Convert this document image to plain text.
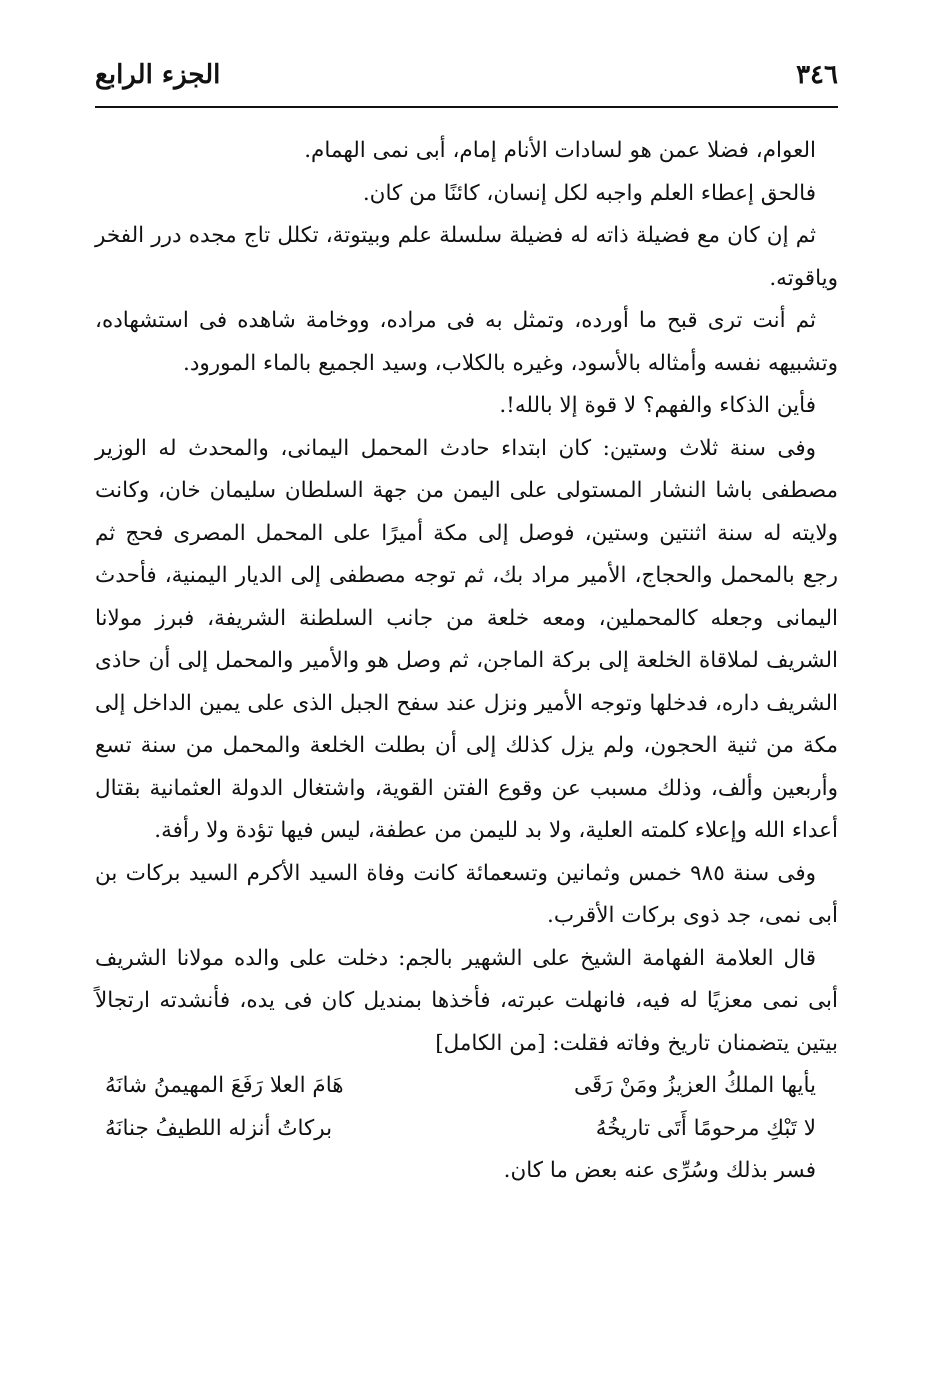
الجزء الرابع	٣٤٦

العوام، فضلا عمن هو لسادات الأنام إمام، أبى نمى الهمام.

فالحق إعطاء العلم واجبه لكل إنسان، كائنًا من كان.

ثم إن كان مع فضيلة ذاته له فضيلة سلسلة علم وبيتوتة، تكلل تاج مجده درر الفخر وياقوته.

ثم أنت ترى قبح ما أورده، وتمثل به فى مراده، ووخامة شاهده فى استشهاده، وتشبيهه نفسه وأمثاله بالأسود، وغيره بالكلاب، وسيد الجميع بالماء المورود.

فأين الذكاء والفهم؟ لا قوة إلا بالله!.

وفى سنة ثلاث وستين: كان ابتداء حادث المحمل اليمانى، والمحدث له الوزير مصطفى باشا النشار المستولى على اليمن من جهة السلطان سليمان خان، وكانت ولايته له سنة اثنتين وستين، فوصل إلى مكة أميرًا على المحمل المصرى فحج ثم رجع بالمحمل والحجاج، الأمير مراد بك، ثم توجه مصطفى إلى الديار اليمنية، فأحدث اليمانى وجعله كالمحملين، ومعه خلعة من جانب السلطنة الشريفة، فبرز مولانا الشريف لملاقاة الخلعة إلى بركة الماجن، ثم وصل هو والأمير والمحمل إلى أن حاذى الشريف داره، فدخلها وتوجه الأمير ونزل عند سفح الجبل الذى على يمين الداخل إلى مكة من ثنية الحجون، ولم يزل كذلك إلى أن بطلت الخلعة والمحمل من سنة تسع وأربعين وألف، وذلك مسبب عن وقوع الفتن القوية، واشتغال الدولة العثمانية بقتال أعداء الله وإعلاء كلمته العلية، ولا بد لليمن من عطفة، ليس فيها تؤدة ولا رأفة.

وفى سنة ٩٨٥ خمس وثمانين وتسعمائة كانت وفاة السيد الأكرم السيد بركات بن أبى نمى، جد ذوى بركات الأقرب.

قال العلامة الفهامة الشيخ على الشهير بالجم: دخلت على والده مولانا الشريف أبى نمى معزيًا له فيه، فانهلت عبرته، فأخذها بمنديل كان فى يده، فأنشدته ارتجالاً بيتين يتضمنان تاريخ وفاته فقلت: [من الكامل]

يأيها الملكُ العزيزُ ومَنْ رَقَى
هَامَ العلا رَفَعَ المهيمنُ شانَهُ
لا تَبْكِ مرحومًا أَتَى تاريخُهُ
بركاتُ أنزله اللطيفُ جنانَهُ

فسر بذلك وسُرِّى عنه بعض ما كان.
